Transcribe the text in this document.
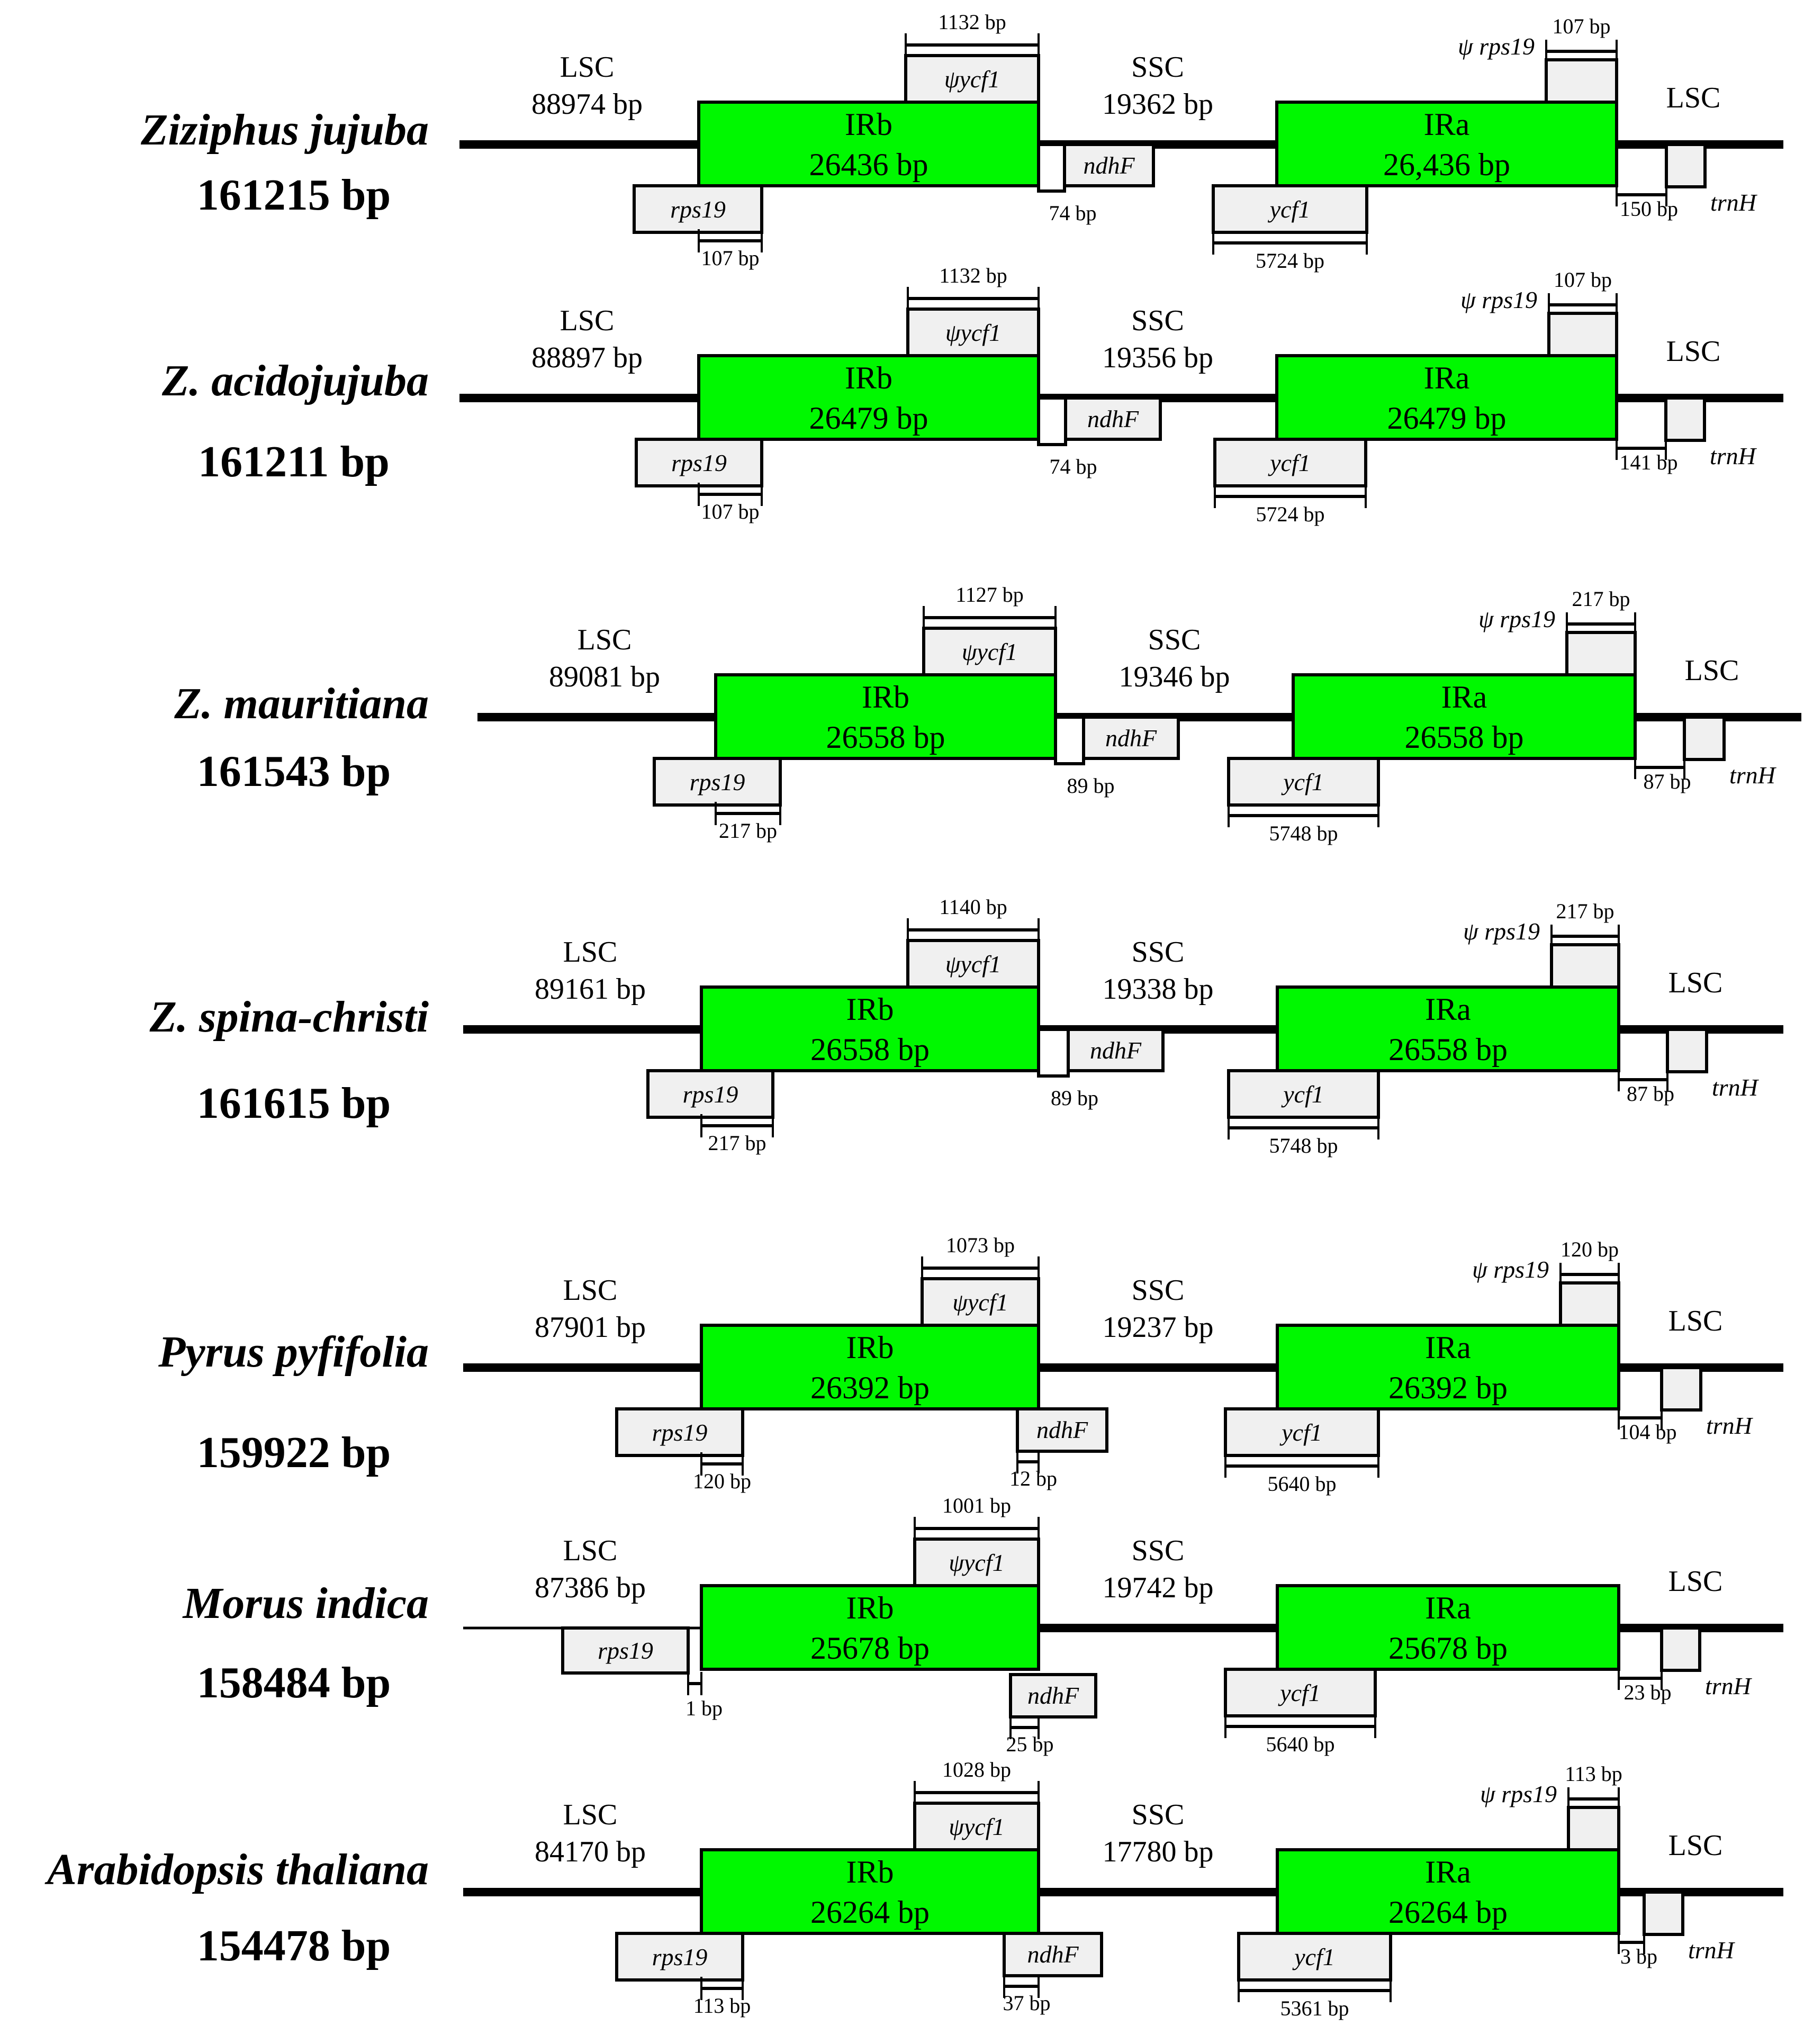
Ziziphus jujuba
161215 bp
Z. acidojujuba
161211 bp
Z. mauritiana
161543 bp
Z. spina-christi
161615 bp
Pyrus pyfifolia
159922 bp
Morus indica
158484 bp
Arabidopsis thaliana
154478 bp
ψycf1
1132 bp
IRb
26436 bp
IRa
26,436 bp
LSC
88974 bp
SSC
19362 bp	LSC
rps19
107 bp
ndhF
74 bp	ycf1
5724 bp
107 bp
ψ rps19
150 bp trnH
ψycf1
1132 bp
IRb
26479 bp
IRa
26479 bp
LSC
88897 bp
SSC
19356 bp	LSC
rps19
107 bp
ndhF
74 bp	ycf1
5724 bp
107 bp
ψ rps19
141 bp trnH
ψycf1
1127 bp
IRb
26558 bp
IRa
26558 bp
LSC
89081 bp
SSC
19346 bp	LSC
rps19
217 bp
ndhF
89 bp	ycf1
5748 bp
217 bp
ψ rps19
87 bp trnH
ψycf1
1140 bp
IRb
26558 bp
IRa
26558 bp
LSC
89161 bp
SSC
19338 bp	LSC
rps19
217 bp
ndhF
89 bp	ycf1
5748 bp
217 bp
ψ rps19
87 bp trnH
ψycf1
1073 bp
IRb
26392 bp
IRa
26392 bp
LSC
87901 bp
SSC
19237 bp	LSC
rps19
120 bp
ndhF
12 bp
ycf1
5640 bp
120 bp
ψ rps19
104 bp trnH
ψycf1
1001 bp
IRb
25678 bp
IRa
25678 bp
LSC
87386 bp
SSC
19742 bp	LSC
rps19
1 bp	ndhF
25 bp
ycf1
5640 bp
23 bp trnH
ψycf1
1028 bp
IRb
26264 bp
IRa
26264 bp
LSC
84170 bp
SSC
17780 bp	LSC
rps19
113 bp
ndhF
37 bp
ycf1
5361 bp
113 bp
ψ rps19
3 bp trnH
